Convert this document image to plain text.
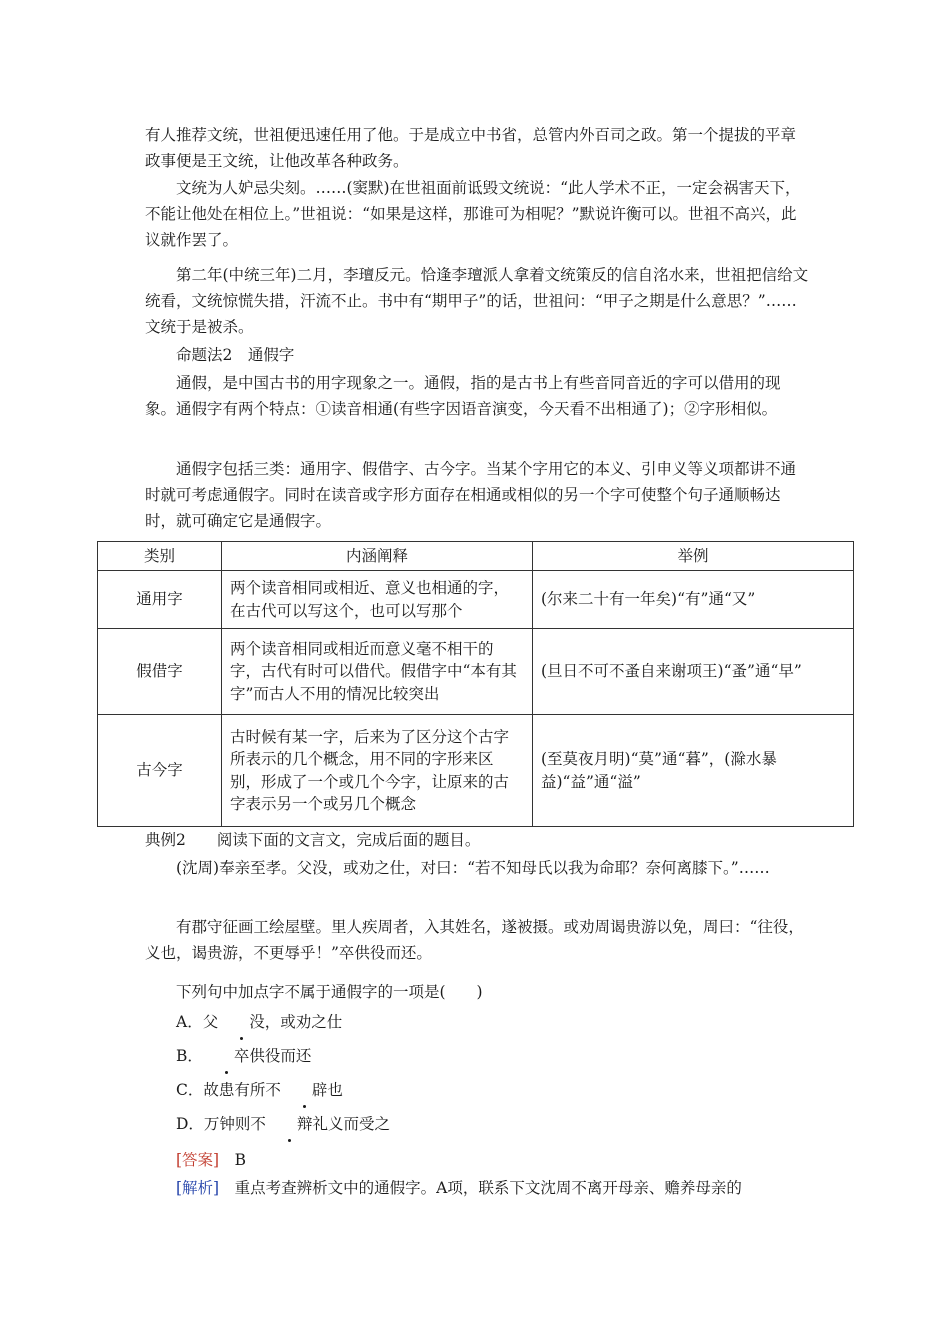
有人推荐文统，世祖便迅速任用了他。于是成立中书省，总管内外百司之政。第一个提拔的平章政事便是王文统，让他改革各种政务。

文统为人妒忌尖刻。……(窦默)在世祖面前诋毁文统说：“此人学术不正，一定会祸害天下，不能让他处在相位上。”世祖说：“如果是这样，那谁可为相呢？”默说许衡可以。世祖不高兴，此议就作罢了。

第二年(中统三年)二月，李璮反元。恰逢李璮派人拿着文统策反的信自洺水来，世祖把信给文统看，文统惊慌失措，汗流不止。书中有“期甲子”的话，世祖问：“甲子之期是什么意思？”……文统于是被杀。

命题法2　通假字

通假，是中国古书的用字现象之一。通假，指的是古书上有些音同音近的字可以借用的现象。通假字有两个特点：①读音相通(有些字因语音演变，今天看不出相通了)；②字形相似。

通假字包括三类：通用字、假借字、古今字。当某个字用它的本义、引申义等义项都讲不通时就可考虑通假字。同时在读音或字形方面存在相通或相似的另一个字可使整个句子通顺畅达时，就可确定它是通假字。

类别	内涵阐释	举例
通用字	两个读音相同或相近、意义也相通的字，在古代可以写这个，也可以写那个	(尔来二十有一年矣)“有”通“又”
假借字	两个读音相同或相近而意义毫不相干的字，古代有时可以借代。假借字中“本有其字”而古人不用的情况比较突出	(旦日不可不蚤自来谢项王)“蚤”通“早”
古今字	古时候有某一字，后来为了区分这个古字所表示的几个概念，用不同的字形来区别，形成了一个或几个今字，让原来的古字表示另一个或另几个概念	(至莫夜月明)“莫”通“暮”，(滁水暴益)“益”通“溢”

典例2　　阅读下面的文言文，完成后面的题目。

(沈周)奉亲至孝。父没，或劝之仕，对曰：“若不知母氏以我为命耶？奈何离膝下。”……

有郡守征画工绘屋壁。里人疾周者，入其姓名，遂被摄。或劝周谒贵游以免，周曰：“往役，义也，谒贵游，不更辱乎！”卒供役而还。

下列句中加点字不属于通假字的一项是(　　)

A．父 没，或劝之仕

B． 卒供役而还

C．故患有所不 辟也

D．万钟则不 辩礼义而受之

[答案]　 B

[解析]　 重点考查辨析文中的通假字。A项，联系下文沈周不离开母亲、赡养母亲的
